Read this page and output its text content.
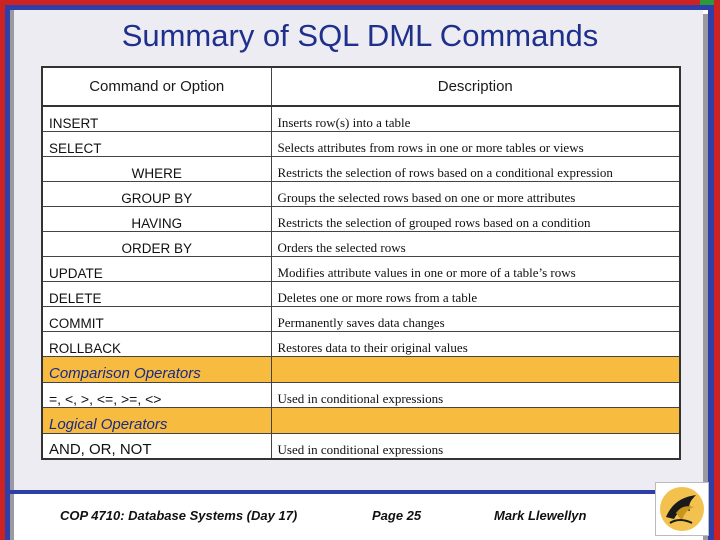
Summary of SQL DML Commands
Command or Option	Description
INSERT	Inserts row(s) into a table
SELECT	Selects attributes from rows in one or more tables or views
WHERE	Restricts the selection of rows based on a conditional expression
GROUP BY	Groups the selected rows based on one or more attributes
HAVING	Restricts the selection of grouped rows based on a condition
ORDER BY	Orders the selected rows
UPDATE	Modifies attribute values in one or more of a table’s rows
DELETE	Deletes one or more rows from a table
COMMIT	Permanently saves data changes
ROLLBACK	Restores data to their original values
Comparison Operators	
=, <, >, <=, >=, <>	Used in conditional expressions
Logical Operators	
AND, OR, NOT	Used in conditional expressions
COP 4710: Database Systems (Day 17)	Page 25	Mark Llewellyn
